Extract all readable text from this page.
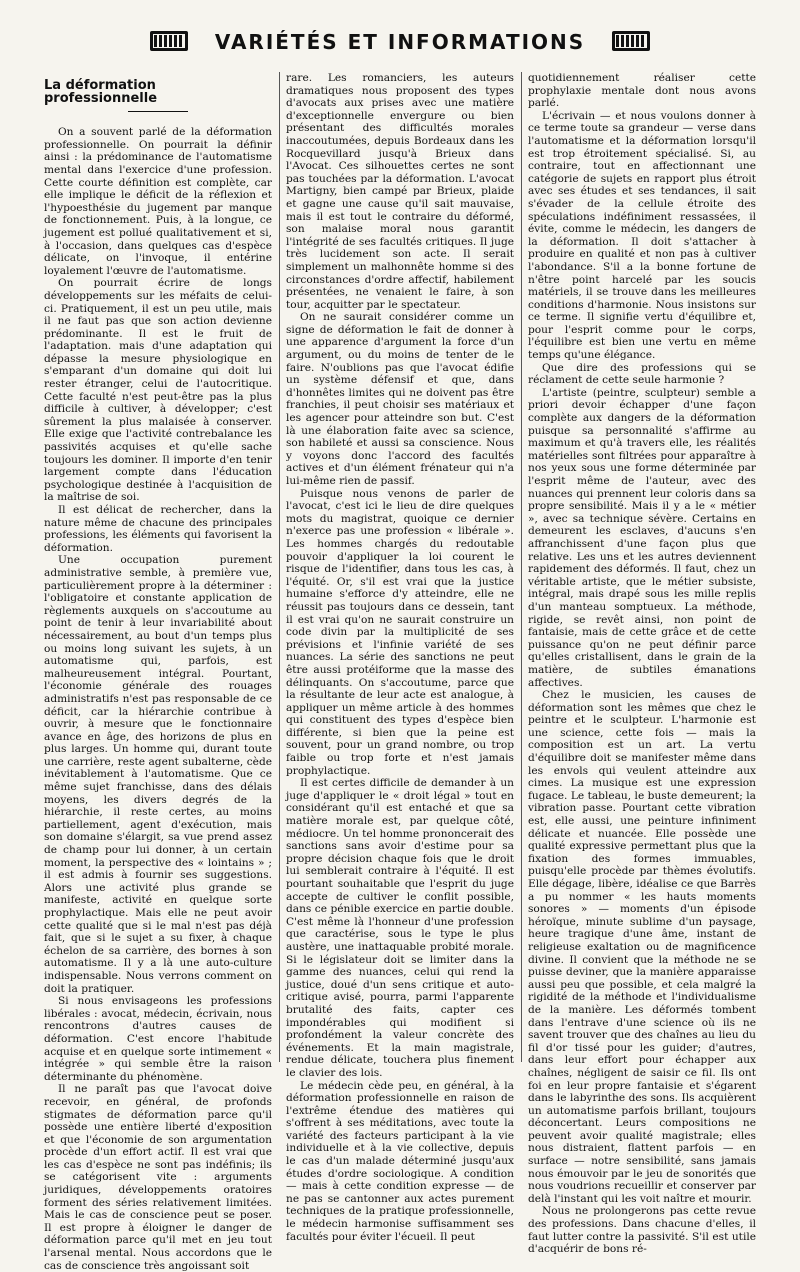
VARIÉTÉS ET INFORMATIONS
La déformation professionnelle

On a souvent parlé de la déformation professionnelle. On pourrait la définir ainsi : la prédominance de l'automatisme mental dans l'exercice d'une profession. Cette courte définition est complète, car elle implique le déficit de la réflexion et l'hypoesthésie du jugement par manque de fonctionnement. Puis, à la longue, ce jugement est pollué qualitativement et si, à l'occasion, dans quelques cas d'espèce délicate, on l'invoque, il entérine loyalement l'œuvre de l'automatisme.

On pourrait écrire de longs développements sur les méfaits de celui-ci. Pratiquement, il est un peu utile, mais il ne faut pas que son action devienne prédominante. Il est le fruit de l'adaptation. mais d'une adaptation qui dépasse la mesure physiologique en s'emparant d'un domaine qui doit lui rester étranger, celui de l'autocritique. Cette faculté n'est peut-être pas la plus difficile à cultiver, à développer; c'est sûrement la plus malaisée à conserver. Elle exige que l'activité contrebalance les passivités acquises et qu'elle sache toujours les dominer. Il importe d'en tenir largement compte dans l'éducation psychologique destinée à l'acquisition de la maîtrise de soi.

Il est délicat de rechercher, dans la nature même de chacune des principales professions, les éléments qui favorisent la déformation.

Une occupation purement administrative semble, à première vue, particulièrement propre à la déterminer : l'obligatoire et constante application de règlements auxquels on s'accoutume au point de tenir à leur invariabilité about nécessairement, au bout d'un temps plus ou moins long suivant les sujets, à un automatisme qui, parfois, est malheureusement intégral. Pourtant, l'économie générale des rouages administratifs n'est pas responsable de ce déficit, car la hiérarchie contribue à ouvrir, à mesure que le fonctionnaire avance en âge, des horizons de plus en plus larges. Un homme qui, durant toute une carrière, reste agent subalterne, cède inévitablement à l'automatisme. Que ce même sujet franchisse, dans des délais moyens, les divers degrés de la hiérarchie, il reste certes, au moins partiellement, agent d'exécution, mais son domaine s'élargit, sa vue prend assez de champ pour lui donner, à un certain moment, la perspective des « lointains » ; il est admis à fournir ses suggestions. Alors une activité plus grande se manifeste, activité en quelque sorte prophylactique. Mais elle ne peut avoir cette qualité que si le mal n'est pas déjà fait, que si le sujet a su fixer, à chaque échelon de sa carrière, des bornes à son automatisme. Il y a là une auto-culture indispensable. Nous verrons comment on doit la pratiquer.

Si nous envisageons les professions libérales : avocat, médecin, écrivain, nous rencontrons d'autres causes de déformation. C'est encore l'habitude acquise et en quelque sorte intimement « intégrée » qui semble être la raison déterminante du phénomène.

Il ne paraît pas que l'avocat doive recevoir, en général, de profonds stigmates de déformation parce qu'il possède une entière liberté d'exposition et que l'économie de son argumentation procède d'un effort actif. Il est vrai que les cas d'espèce ne sont pas indéfinis; ils se catégorisent vite : arguments juridiques, développements oratoires forment des séries relativement limitées. Mais le cas de conscience peut se poser. Il est propre à éloigner le danger de déformation parce qu'il met en jeu tout l'arsenal mental. Nous accordons que le cas de conscience très angoissant soit

rare. Les romanciers, les auteurs dramatiques nous proposent des types d'avocats aux prises avec une matière d'exceptionnelle envergure ou bien présentant des difficultés morales inaccoutumées, depuis Bordeaux dans les Rocquevillard jusqu'à Brieux dans l'Avocat. Ces silhouettes certes ne sont pas touchées par la déformation. L'avocat Martigny, bien campé par Brieux, plaide et gagne une cause qu'il sait mauvaise, mais il est tout le contraire du déformé, son malaise moral nous garantit l'intégrité de ses facultés critiques. Il juge très lucidement son acte. Il serait simplement un malhonnête homme si des circonstances d'ordre affectif, habilement présentées, ne venaient le faire, à son tour, acquitter par le spectateur.

On ne saurait considérer comme un signe de déformation le fait de donner à une apparence d'argument la force d'un argument, ou du moins de tenter de le faire. N'oublions pas que l'avocat édifie un système défensif et que, dans d'honnêtes limites qui ne doivent pas être franchies, il peut choisir ses matériaux et les agencer pour atteindre son but. C'est là une élaboration faite avec sa science, son habileté et aussi sa conscience. Nous y voyons donc l'accord des facultés actives et d'un élément frénateur qui n'a lui-même rien de passif.

Puisque nous venons de parler de l'avocat, c'est ici le lieu de dire quelques mots du magistrat, quoique ce dernier n'exerce pas une profession « libérale ». Les hommes chargés du redoutable pouvoir d'appliquer la loi courent le risque de l'identifier, dans tous les cas, à l'équité. Or, s'il est vrai que la justice humaine s'efforce d'y atteindre, elle ne réussit pas toujours dans ce dessein, tant il est vrai qu'on ne saurait construire un code divin par la multiplicité de ses prévisions et l'infinie variété de ses nuances. La série des sanctions ne peut être aussi protéiforme que la masse des délinquants. On s'accoutume, parce que la résultante de leur acte est analogue, à appliquer un même article à des hommes qui constituent des types d'espèce bien différente, si bien que la peine est souvent, pour un grand nombre, ou trop faible ou trop forte et n'est jamais prophylactique.

Il est certes difficile de demander à un juge d'appliquer le « droit légal » tout en considérant qu'il est entaché et que sa matière morale est, par quelque côté, médiocre. Un tel homme prononcerait des sanctions sans avoir d'estime pour sa propre décision chaque fois que le droit lui semblerait contraire à l'équité. Il est pourtant souhaitable que l'esprit du juge accepte de cultiver le conflit possible, dans ce pénible exercice en partie double. C'est même là l'honneur d'une profession que caractérise, sous le type le plus austère, une inattaquable probité morale. Si le législateur doit se limiter dans la gamme des nuances, celui qui rend la justice, doué d'un sens critique et auto-critique avisé, pourra, parmi l'apparente brutalité des faits, capter ces impondérables qui modifient si profondément la valeur concrète des événements. Et la main magistrale, rendue délicate, touchera plus finement le clavier des lois.

Le médecin cède peu, en général, à la déformation professionnelle en raison de l'extrême étendue des matières qui s'offrent à ses méditations, avec toute la variété des facteurs participant à la vie individuelle et à la vie collective, depuis le cas d'un malade déterminé jusqu'aux études d'ordre sociologique. A condition — mais à cette condition expresse — de ne pas se cantonner aux actes purement techniques de la pratique professionnelle, le médecin harmonise suffisamment ses facultés pour éviter l'écueil. Il peut

quotidiennement réaliser cette prophylaxie mentale dont nous avons parlé.

L'écrivain — et nous voulons donner à ce terme toute sa grandeur — verse dans l'automatisme et la déformation lorsqu'il est trop étroitement spécialisé. Si, au contraire, tout en affectionnant une catégorie de sujets en rapport plus étroit avec ses études et ses tendances, il sait s'évader de la cellule étroite des spéculations indéfiniment ressassées, il évite, comme le médecin, les dangers de la déformation. Il doit s'attacher à produire en qualité et non pas à cultiver l'abondance. S'il a la bonne fortune de n'être point harcelé par les soucis matériels, il se trouve dans les meilleures conditions d'harmonie. Nous insistons sur ce terme. Il signifie vertu d'équilibre et, pour l'esprit comme pour le corps, l'équilibre est bien une vertu en même temps qu'une élégance.

Que dire des professions qui se réclament de cette seule harmonie ?

L'artiste (peintre, sculpteur) semble a priori devoir échapper d'une façon complète aux dangers de la déformation puisque sa personnalité s'affirme au maximum et qu'à travers elle, les réalités matérielles sont filtrées pour apparaître à nos yeux sous une forme déterminée par l'esprit même de l'auteur, avec des nuances qui prennent leur coloris dans sa propre sensibilité. Mais il y a le « métier », avec sa technique sévère. Certains en demeurent les esclaves, d'aucuns s'en affranchissent d'une façon plus que relative. Les uns et les autres deviennent rapidement des déformés. Il faut, chez un véritable artiste, que le métier subsiste, intégral, mais drapé sous les mille replis d'un manteau somptueux. La méthode, rigide, se revêt ainsi, non point de fantaisie, mais de cette grâce et de cette puissance qu'on ne peut définir parce qu'elles cristallisent, dans le grain de la matière, de subtiles émanations affectives.

Chez le musicien, les causes de déformation sont les mêmes que chez le peintre et le sculpteur. L'harmonie est une science, cette fois — mais la composition est un art. La vertu d'équilibre doit se manifester même dans les envols qui veulent atteindre aux cimes. La musique est une expression fugace. Le tableau, le buste demeurent; la vibration passe. Pourtant cette vibration est, elle aussi, une peinture infiniment délicate et nuancée. Elle possède une qualité expressive permettant plus que la fixation des formes immuables, puisqu'elle procède par thèmes évolutifs. Elle dégage, libère, idéalise ce que Barrès a pu nommer « les hauts moments sonores » — moments d'un épisode héroïque, minute sublime d'un paysage, heure tragique d'une âme, instant de religieuse exaltation ou de magnificence divine. Il convient que la méthode ne se puisse deviner, que la manière apparaisse aussi peu que possible, et cela malgré la rigidité de la méthode et l'individualisme de la manière. Les déformés tombent dans l'entrave d'une science où ils ne savent trouver que des chaînes au lieu du fil d'or tissé pour les guider; d'autres, dans leur effort pour échapper aux chaînes, négligent de saisir ce fil. Ils ont foi en leur propre fantaisie et s'égarent dans le labyrinthe des sons. Ils acquièrent un automatisme parfois brillant, toujours déconcertant. Leurs compositions ne peuvent avoir qualité magistrale; elles nous distraient, flattent parfois — en surface — notre sensibilité, sans jamais nous émouvoir par le jeu de sonorités que nous voudrions recueillir et conserver par delà l'instant qui les voit naître et mourir.

Nous ne prolongerons pas cette revue des professions. Dans chacune d'elles, il faut lutter contre la passivité. S'il est utile d'acquérir de bons ré-
